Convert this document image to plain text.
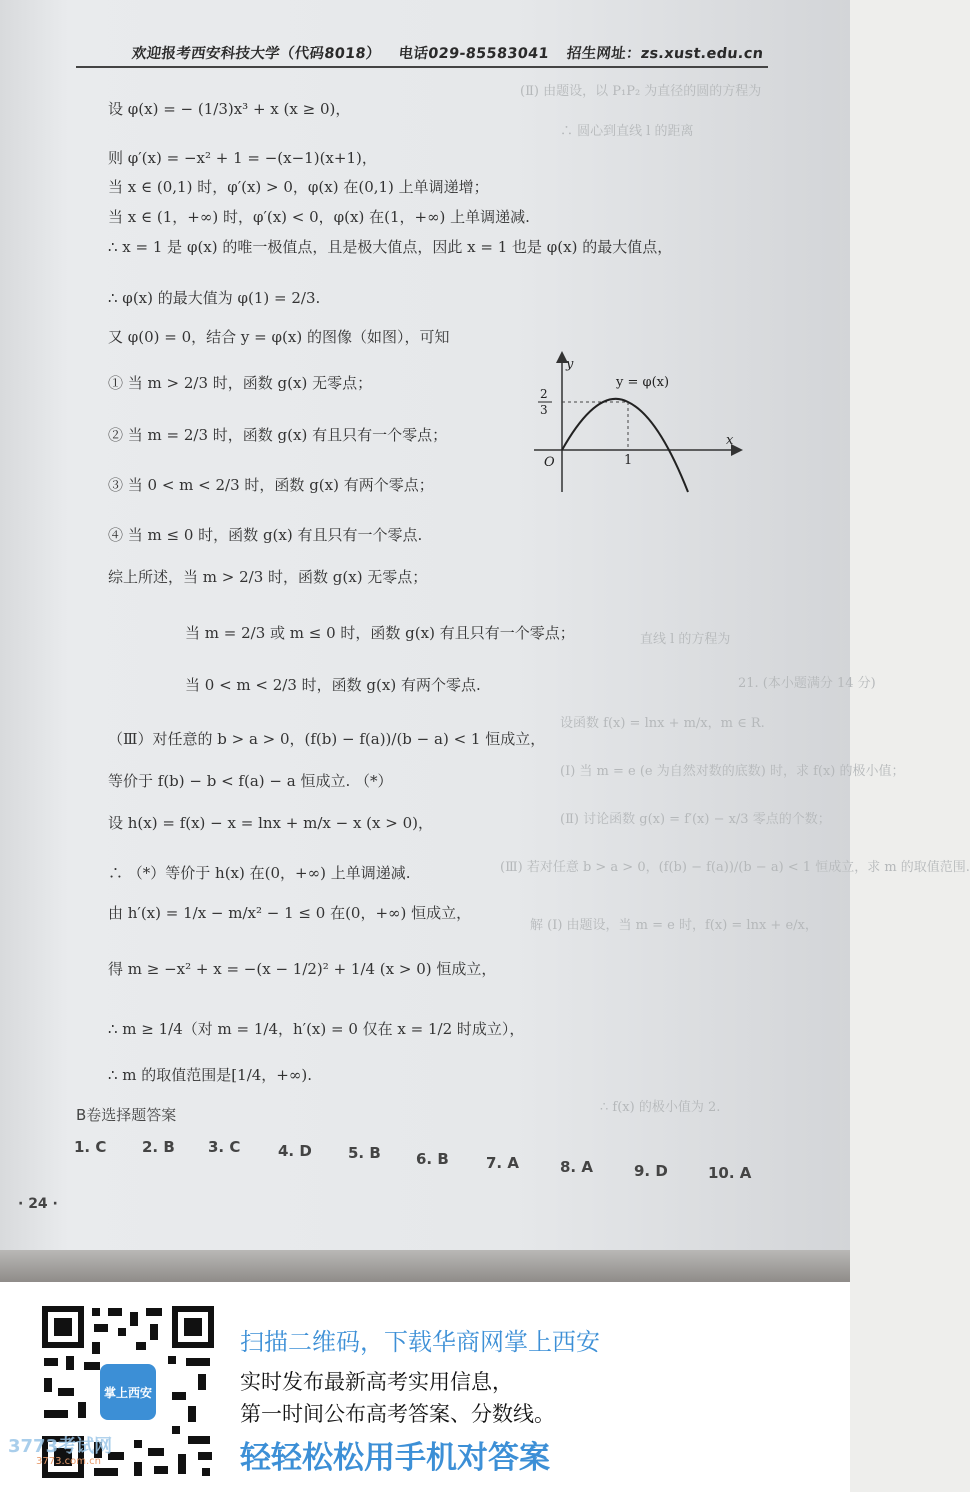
(Ⅱ) 由题设，以 P₁P₂ 为直径的圆的方程为
∴ 圆心到直线 l 的距离
直线 l 的方程为
21. (本小题满分 14 分)
设函数 f(x) = lnx + m/x，m ∈ R.
(Ⅰ) 当 m = e (e 为自然对数的底数) 时，求 f(x) 的极小值；
(Ⅱ) 讨论函数 g(x) = f′(x) − x/3 零点的个数；
(Ⅲ) 若对任意 b > a > 0，(f(b) − f(a))/(b − a) < 1 恒成立，求 m 的取值范围.
解 (Ⅰ) 由题设，当 m = e 时，f(x) = lnx + e/x，
∴ f(x) 的极小值为 2.
欢迎报考西安科技大学（代码8018） 电话029-85583041 招生网址：zs.xust.edu.cn
设 φ(x) = − (1/3)x³ + x (x ≥ 0)，
则 φ′(x) = −x² + 1 = −(x−1)(x+1)，
当 x ∈ (0,1) 时，φ′(x) > 0，φ(x) 在(0,1) 上单调递增；
当 x ∈ (1，+∞) 时，φ′(x) < 0，φ(x) 在(1，+∞) 上单调递减.
∴ x = 1 是 φ(x) 的唯一极值点，且是极大值点，因此 x = 1 也是 φ(x) 的最大值点，
∴ φ(x) 的最大值为 φ(1) = 2/3.
又 φ(0) = 0，结合 y = φ(x) 的图像（如图），可知
① 当 m > 2/3 时，函数 g(x) 无零点；
② 当 m = 2/3 时，函数 g(x) 有且只有一个零点；
③ 当 0 < m < 2/3 时，函数 g(x) 有两个零点；
④ 当 m ≤ 0 时，函数 g(x) 有且只有一个零点.
综上所述，当 m > 2/3 时，函数 g(x) 无零点；
当 m = 2/3 或 m ≤ 0 时，函数 g(x) 有且只有一个零点；
当 0 < m < 2/3 时，函数 g(x) 有两个零点.
（Ⅲ）对任意的 b > a > 0，(f(b) − f(a))/(b − a) < 1 恒成立，
等价于 f(b) − b < f(a) − a 恒成立. （*）
设 h(x) = f(x) − x = lnx + m/x − x (x > 0)，
∴ （*）等价于 h(x) 在(0，+∞) 上单调递减.
由 h′(x) = 1/x − m/x² − 1 ≤ 0 在(0，+∞) 恒成立，
得 m ≥ −x² + x = −(x − 1/2)² + 1/4 (x > 0) 恒成立，
∴ m ≥ 1/4（对 m = 1/4，h′(x) = 0 仅在 x = 1/2 时成立），
∴ m 的取值范围是[1/4，+∞).
y
x
y = φ(x)
O	1
2
3
B卷选择题答案
1. C 2. B 3. C	4. D 5. B 6. B 7. A	8. A	9. D	10. A
· 24 ·
掌上西安
3773考试网
3773.com.cn
扫描二维码，下载华商网掌上西安
实时发布最新高考实用信息，
第一时间公布高考答案、分数线。
轻轻松松用手机对答案
